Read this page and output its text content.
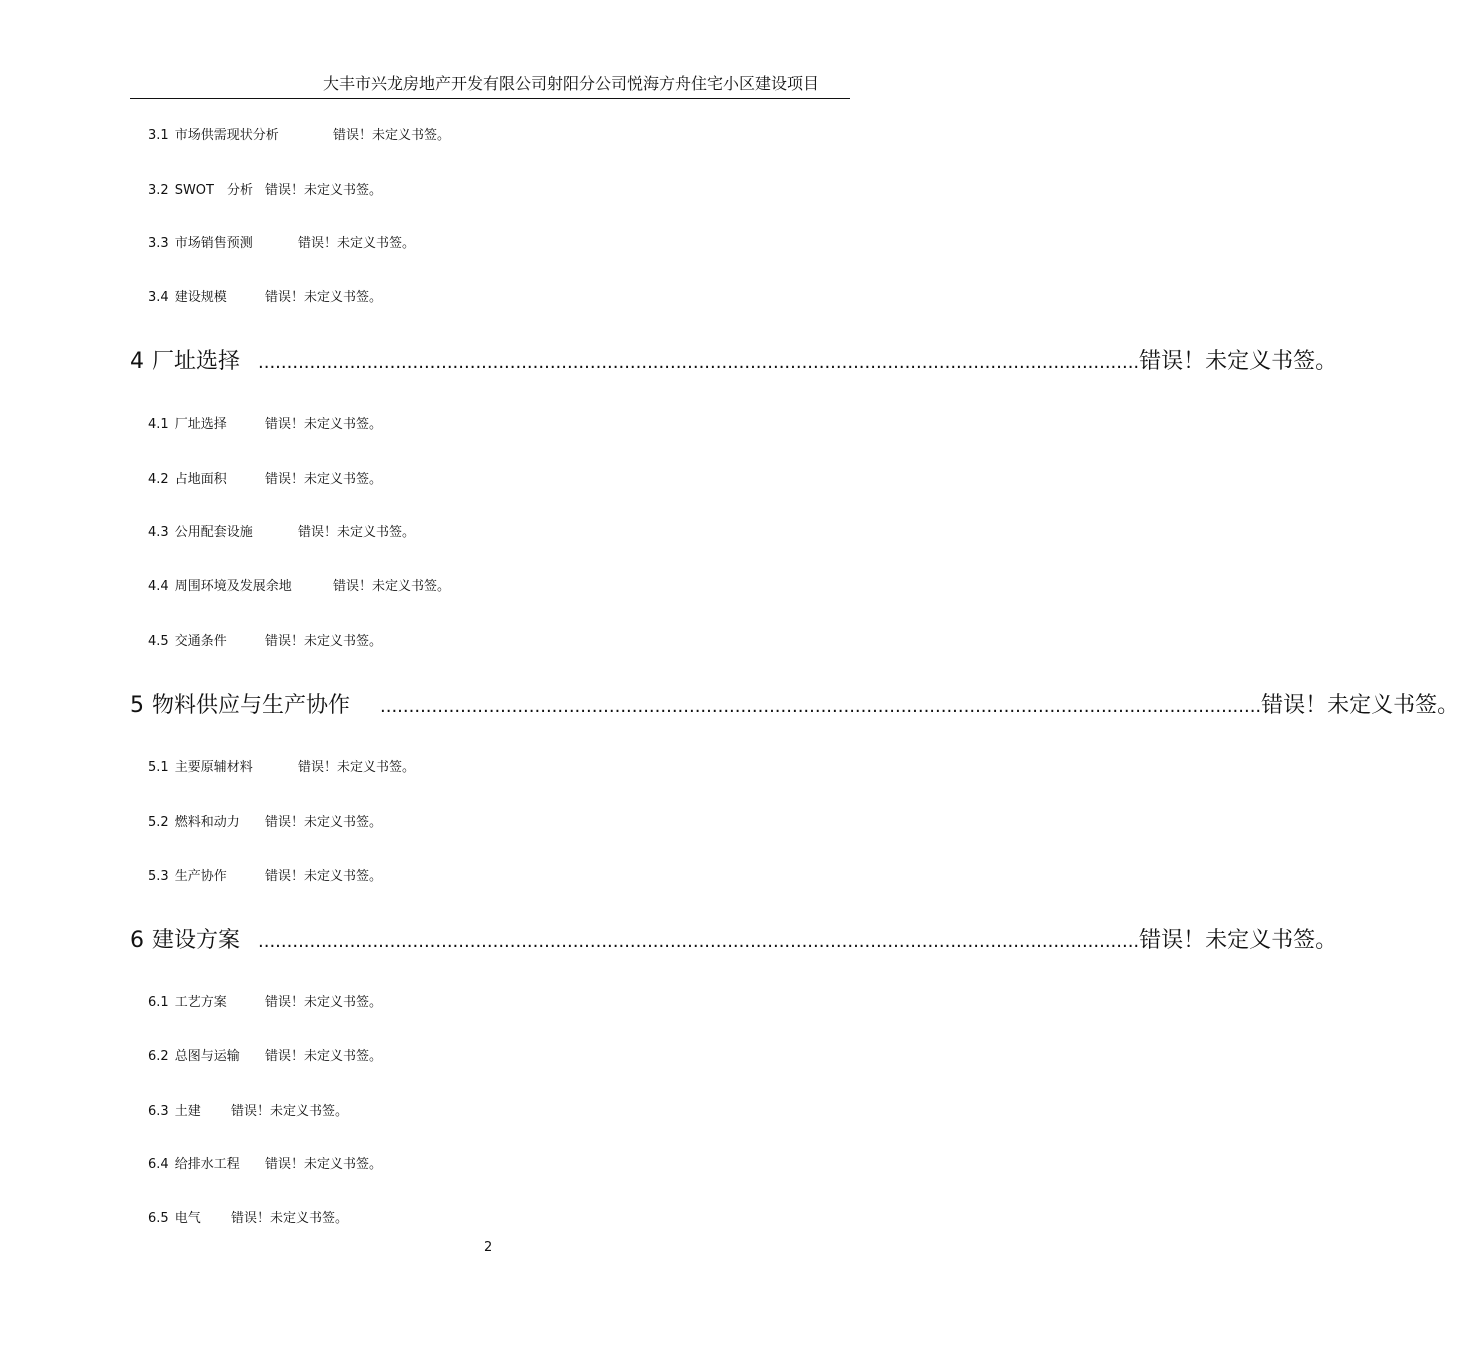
大丰市兴龙房地产开发有限公司射阳分公司悦海方舟住宅小区建设项目
3.1 市场供需现状分析	错误！未定义书签。
3.2 SWOT　分析 错误！未定义书签。
3.3 市场销售预测	错误！未定义书签。
3.4 建设规模	错误！未定义书签。
4 厂址选择 .......................................................................................................................................................... 错误！未定义书签。
4.1 厂址选择	错误！未定义书签。
4.2 占地面积	错误！未定义书签。
4.3 公用配套设施	错误！未定义书签。
4.4 周围环境及发展余地	错误！未定义书签。
4.5 交通条件	错误！未定义书签。
5 物料供应与生产协作 .......................................................................................................................................................... 错误！未定义书签。
5.1 主要原辅材料	错误！未定义书签。
5.2 燃料和动力 错误！未定义书签。
5.3 生产协作	错误！未定义书签。
6 建设方案 .......................................................................................................................................................... 错误！未定义书签。
6.1 工艺方案	错误！未定义书签。
6.2 总图与运输 错误！未定义书签。
6.3 土建 错误！未定义书签。
6.4 给排水工程 错误！未定义书签。
6.5 电气 错误！未定义书签。
2
